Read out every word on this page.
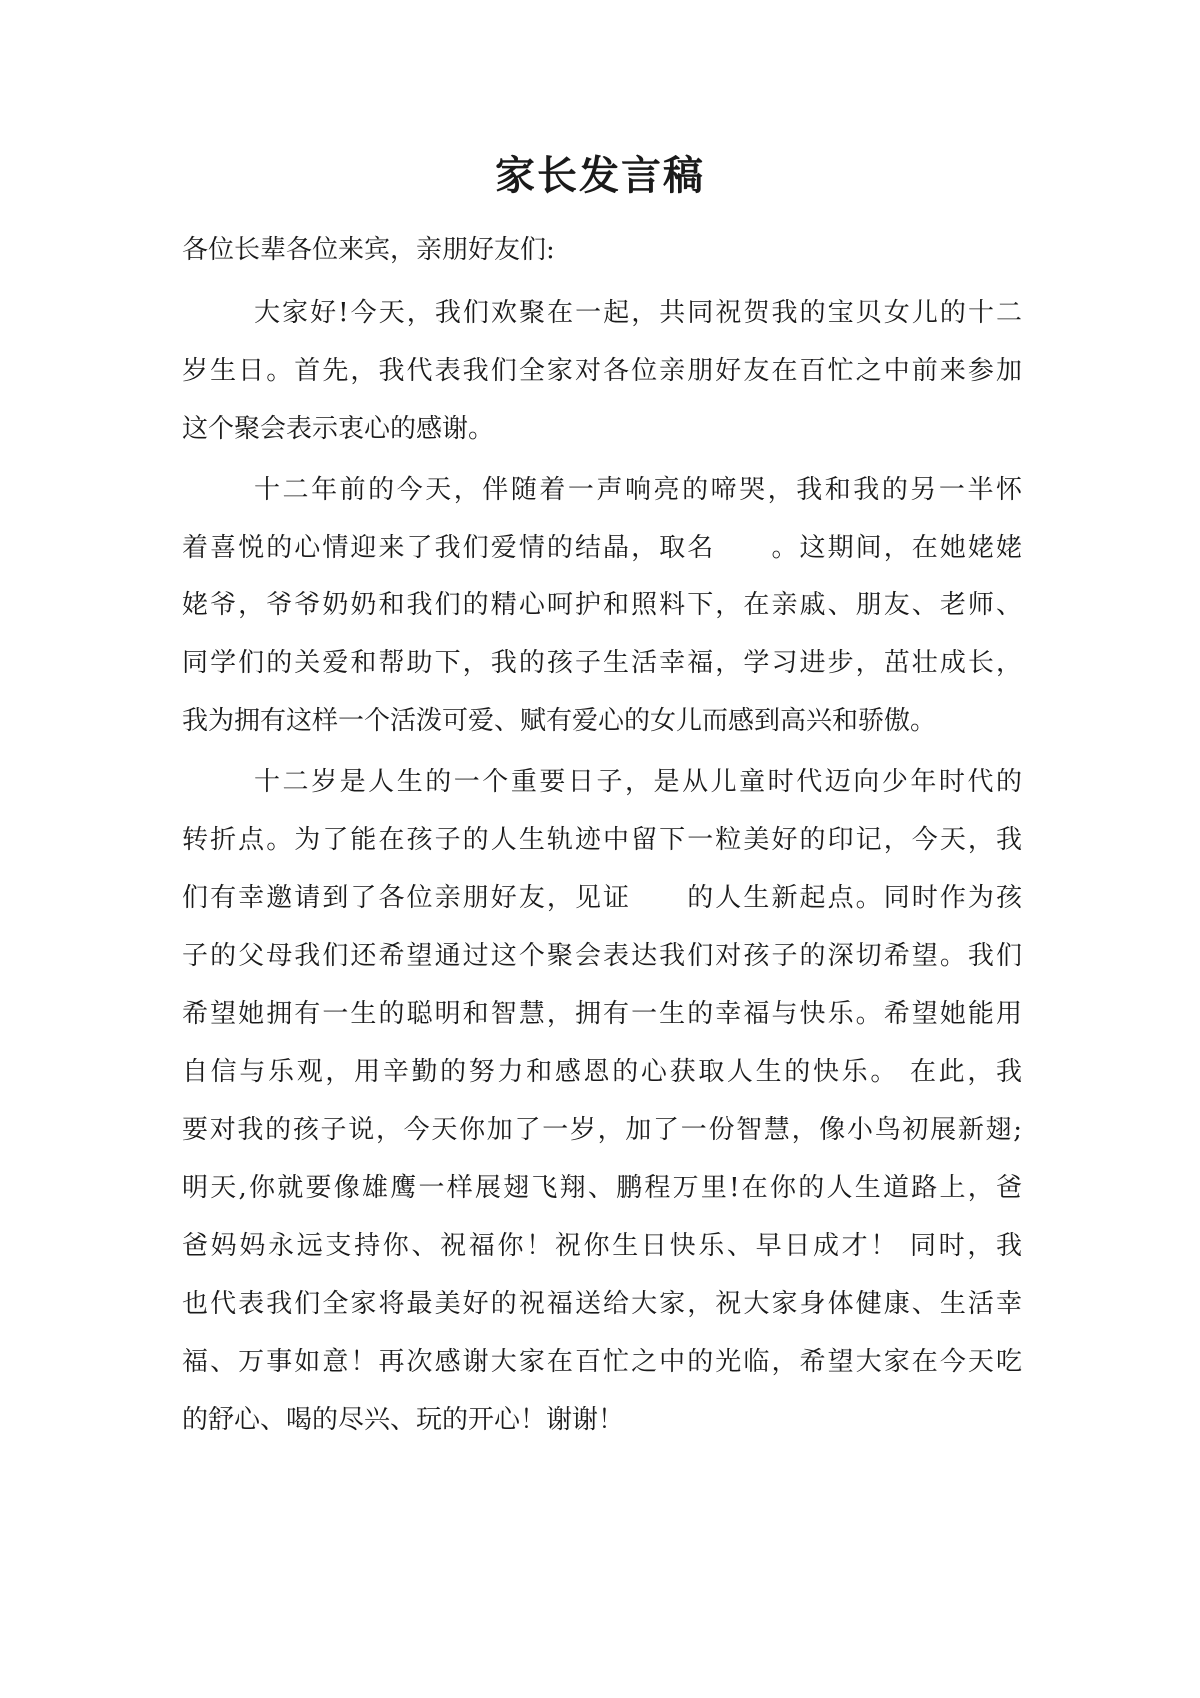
家长发言稿
各位长辈各位来宾，亲朋好友们:
大家好!今天，我们欢聚在一起，共同祝贺我的宝贝女儿的十二
岁生日。首先，我代表我们全家对各位亲朋好友在百忙之中前来参加
这个聚会表示衷心的感谢。
十二年前的今天，伴随着一声响亮的啼哭，我和我的另一半怀
着喜悦的心情迎来了我们爱情的结晶，取名　　。这期间，在她姥姥
姥爷，爷爷奶奶和我们的精心呵护和照料下，在亲戚、朋友、老师、
同学们的关爱和帮助下，我的孩子生活幸福，学习进步，茁壮成长，
我为拥有这样一个活泼可爱、赋有爱心的女儿而感到高兴和骄傲。
十二岁是人生的一个重要日子，是从儿童时代迈向少年时代的
转折点。为了能在孩子的人生轨迹中留下一粒美好的印记，今天，我
们有幸邀请到了各位亲朋好友，见证　　的人生新起点。同时作为孩
子的父母我们还希望通过这个聚会表达我们对孩子的深切希望。我们
希望她拥有一生的聪明和智慧，拥有一生的幸福与快乐。希望她能用
自信与乐观，用辛勤的努力和感恩的心获取人生的快乐。 在此，我
要对我的孩子说，今天你加了一岁，加了一份智慧，像小鸟初展新翅;
明天,你就要像雄鹰一样展翅飞翔、鹏程万里!在你的人生道路上，爸
爸妈妈永远支持你、祝福你！祝你生日快乐、早日成才！ 同时，我
也代表我们全家将最美好的祝福送给大家，祝大家身体健康、生活幸
福、万事如意！再次感谢大家在百忙之中的光临，希望大家在今天吃
的舒心、喝的尽兴、玩的开心！谢谢！
